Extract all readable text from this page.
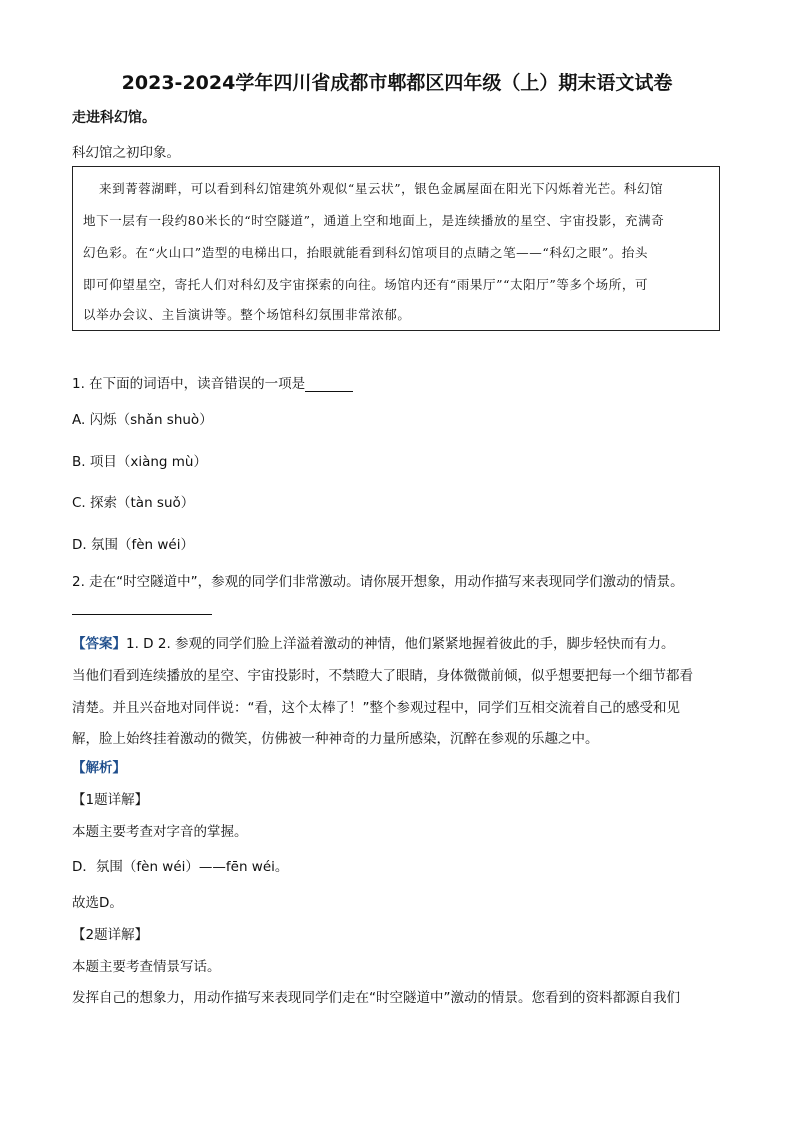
2023-2024学年四川省成都市郫都区四年级（上）期末语文试卷
走进科幻馆。
科幻馆之初印象。
来到菁蓉湖畔，可以看到科幻馆建筑外观似“星云状”，银色金属屋面在阳光下闪烁着光芒。科幻馆
地下一层有一段约80米长的“时空隧道”，通道上空和地面上，是连续播放的星空、宇宙投影，充满奇
幻色彩。在“火山口”造型的电梯出口，抬眼就能看到科幻馆项目的点睛之笔——“科幻之眼”。抬头
即可仰望星空，寄托人们对科幻及宇宙探索的向往。场馆内还有“雨果厅”“太阳厅”等多个场所，可
以举办会议、主旨演讲等。整个场馆科幻氛围非常浓郁。
1. 在下面的词语中，读音错误的一项是
A. 闪烁（shǎn shuò）
B. 项目（xiàng mù）
C. 探索（tàn suǒ）
D. 氛围（fèn wéi）
2. 走在“时空隧道中”，参观的同学们非常激动。请你展开想象，用动作描写来表现同学们激动的情景。
【答案】1. D 2. 参观的同学们脸上洋溢着激动的神情，他们紧紧地握着彼此的手，脚步轻快而有力。
当他们看到连续播放的星空、宇宙投影时，不禁瞪大了眼睛，身体微微前倾，似乎想要把每一个细节都看
清楚。并且兴奋地对同伴说：“看，这个太棒了！”整个参观过程中，同学们互相交流着自己的感受和见
解，脸上始终挂着激动的微笑，仿佛被一种神奇的力量所感染，沉醉在参观的乐趣之中。
【解析】
【1题详解】
本题主要考查对字音的掌握。
D．氛围（fèn wéi）——fēn wéi。
故选D。
【2题详解】
本题主要考查情景写话。
发挥自己的想象力，用动作描写来表现同学们走在“时空隧道中”激动的情景。您看到的资料都源自我们
